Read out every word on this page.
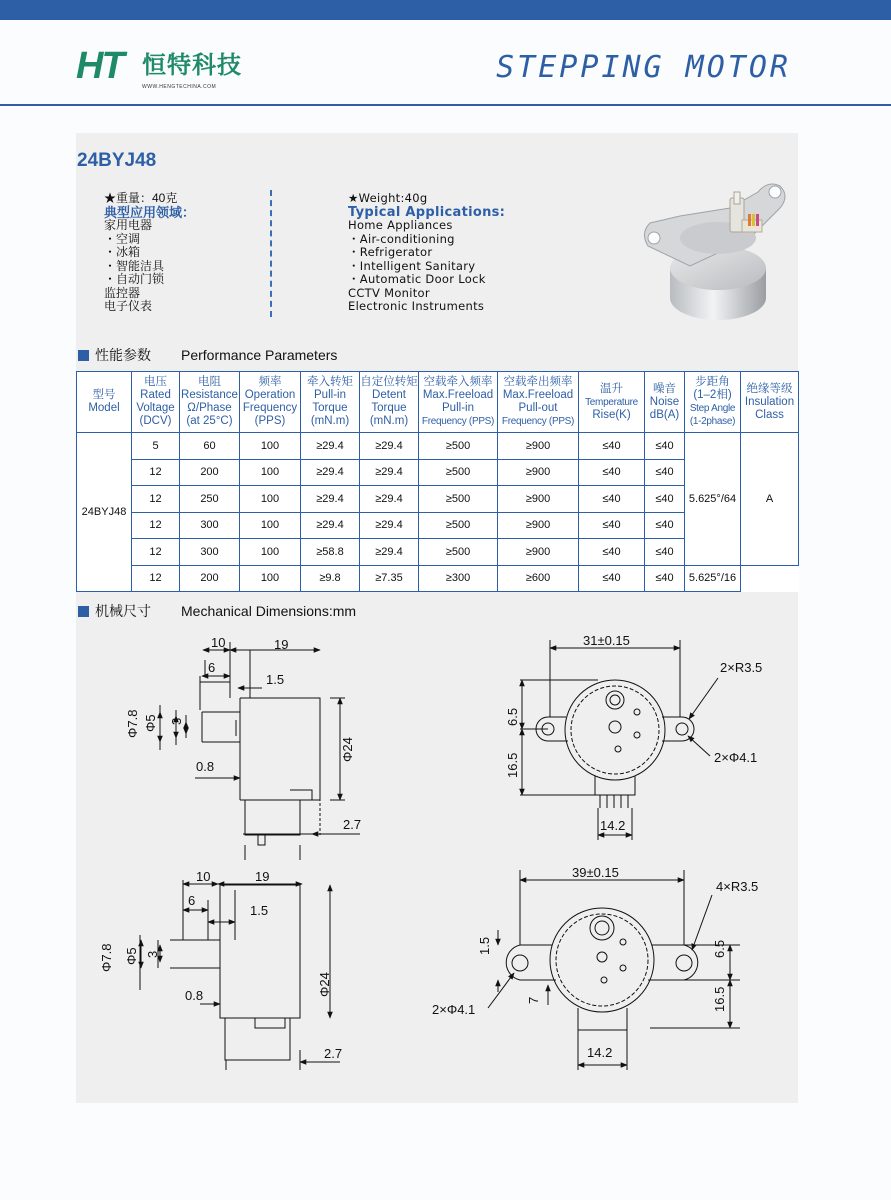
HT 恒特科技
WWW.HENGTECHINA.COM
STEPPING MOTOR
24BYJ48
★重量：40克
典型应用领域：
家用电器
・空调
・冰箱
・智能洁具
・自动门锁
监控器
电子仪表
★Weight:40g
Typical Applications:
Home Appliances
・Air-conditioning
・Refrigerator
・Intelligent Sanitary
・Automatic Door Lock
CCTV Monitor
Electronic Instruments
性能参数 Performance Parameters
型号
Model	电压
Rated
Voltage
(DCV)	电阻
Resistance
Ω/Phase
(at 25°C)	频率
Operation
Frequency
(PPS)	牵入转矩
Pull-in
Torque
(mN.m)	自定位转矩
Detent
Torque
(mN.m)	空载牵入频率
Max.Freeload
Pull-in
Frequency (PPS)	空载牵出频率
Max.Freeload
Pull-out
Frequency (PPS)	温升
Temperature
Rise(K)	噪音
Noise
dB(A)	步距角
(1–2相)
Step Angle
(1-2phase)	绝缘等级
Insulation
Class

24BYJ48	5	60	100	≥29.4	≥29.4	≥500	≥900	≤40	≤40	5.625°/64	A
	12	200	100	≥29.4	≥29.4	≥500	≥900	≤40	≤40		
	12	250	100	≥29.4	≥29.4	≥500	≥900	≤40	≤40		
	12	300	100	≥29.4	≥29.4	≥500	≥900	≤40	≤40		
	12	300	100	≥58.8	≥29.4	≥500	≥900	≤40	≤40		
	12	200	100	≥9.8	≥7.35	≥300	≥600	≤40	≤40	5.625°/16	
机械尺寸 Mechanical Dimensions:mm
10	19
6
1.5
Φ7.8 Φ5 3
Φ24
0.8
2.7
31±0.15
2×R3.5
6.5
16.5	2×Φ4.1
14.2
10	19
6
1.5
Φ7.8 Φ5 3
Φ24
0.8
2.7
39±0.15
4×R3.5
1.5
2×Φ4.1
7
6.5
16.5
14.2
